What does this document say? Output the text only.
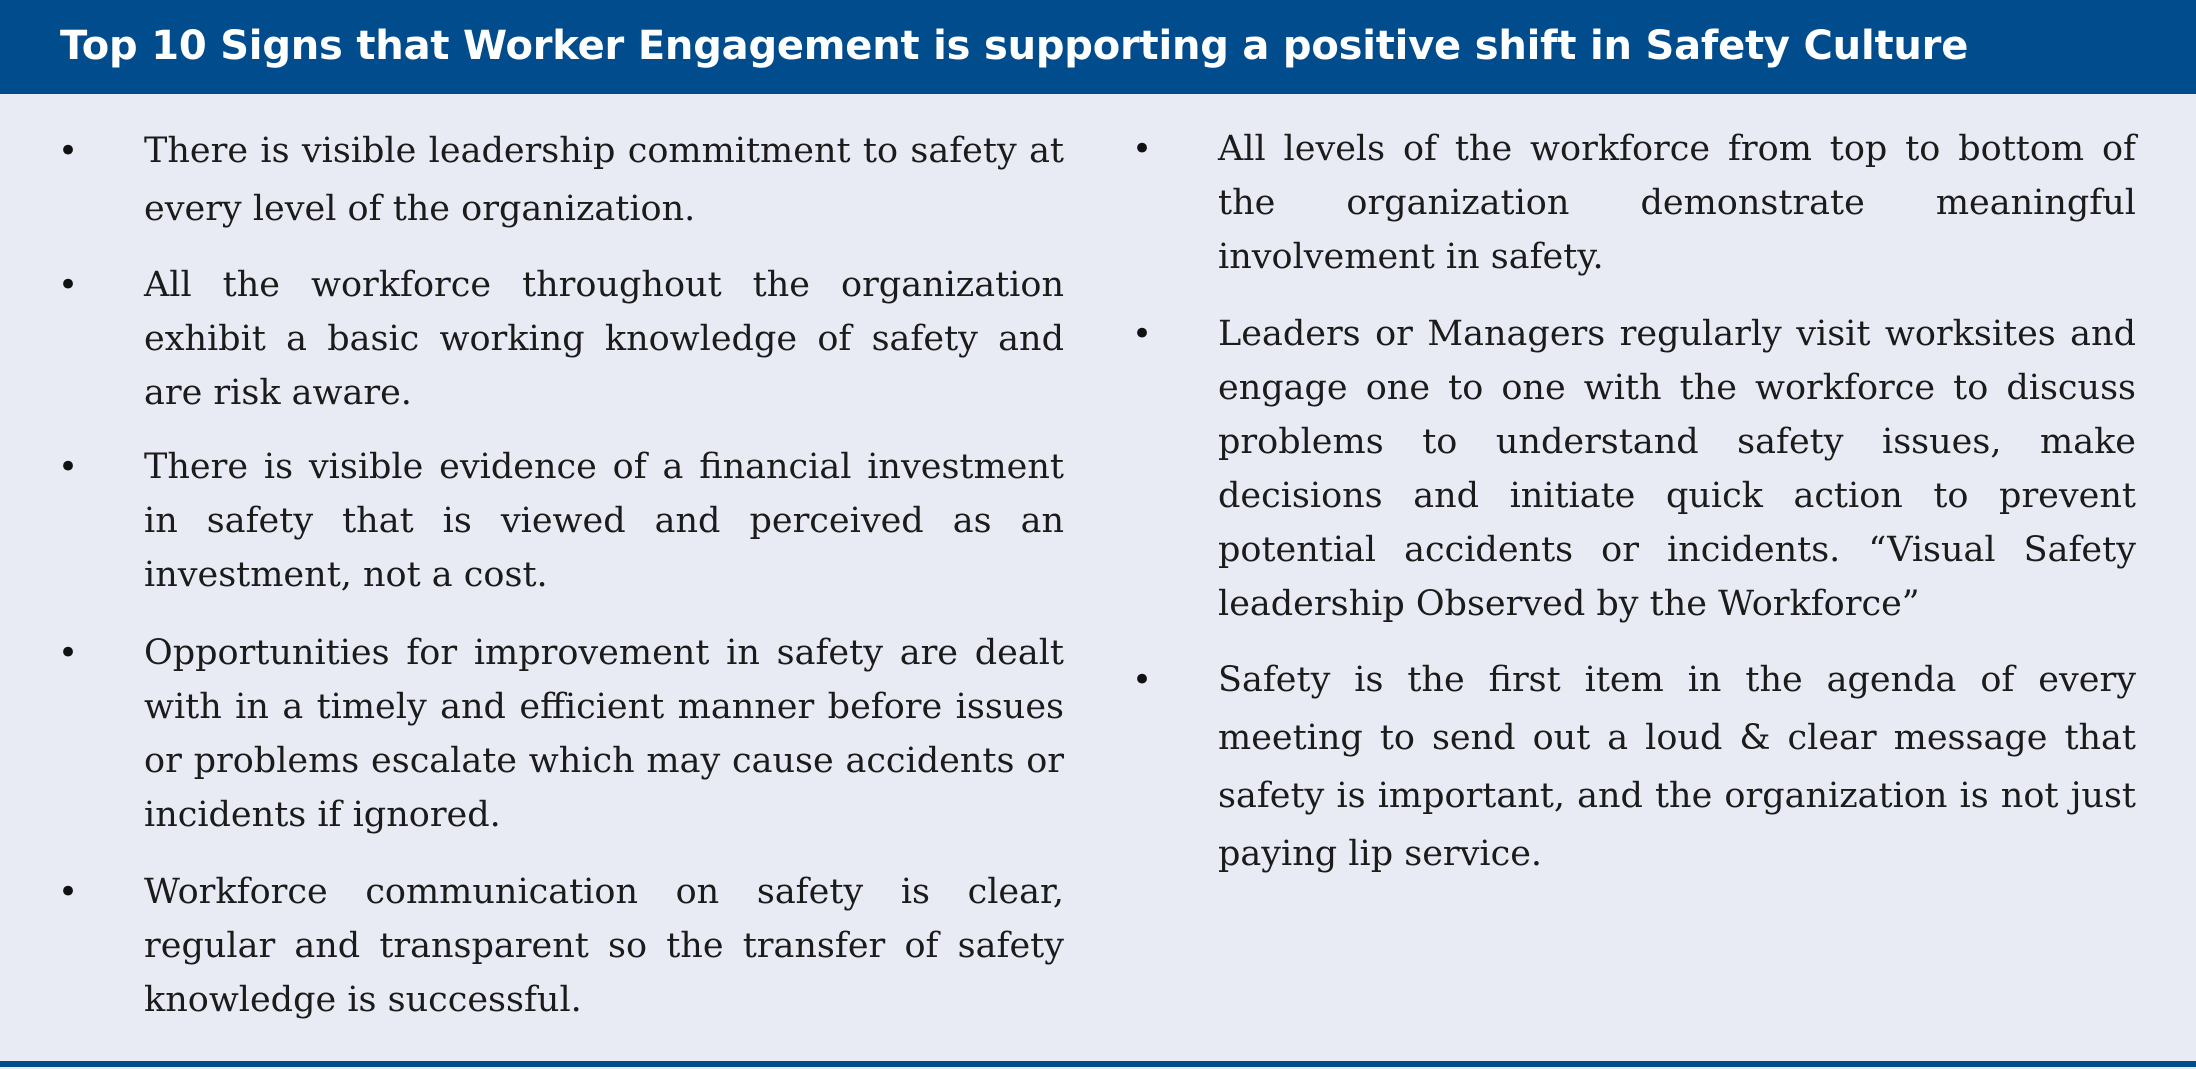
Top 10 Signs that Worker Engagement is supporting a positive shift in Safety Culture
• There is visible leadership commitment to safety at every level of the organization.
• All the workforce throughout the organization exhibit a basic working knowledge of safety and are risk aware.
• There is visible evidence of a financial investment in safety that is viewed and perceived as an investment, not a cost.
• Opportunities for improvement in safety are dealt with in a timely and efficient manner before issues or problems escalate which may cause accidents or incidents if ignored.
• Workforce communication on safety is clear, regular and transparent so the transfer of safety knowledge is successful.
• All levels of the workforce from top to bottom of the organization demonstrate meaningful involvement in safety.
• Leaders or Managers regularly visit worksites and engage one to one with the workforce to discuss problems to understand safety issues, make decisions and initiate quick action to prevent potential accidents or incidents. “Visual Safety leadership Observed by the Workforce”
• Safety is the first item in the agenda of every meeting to send out a loud & clear message that safety is important, and the organization is not just paying lip service.
